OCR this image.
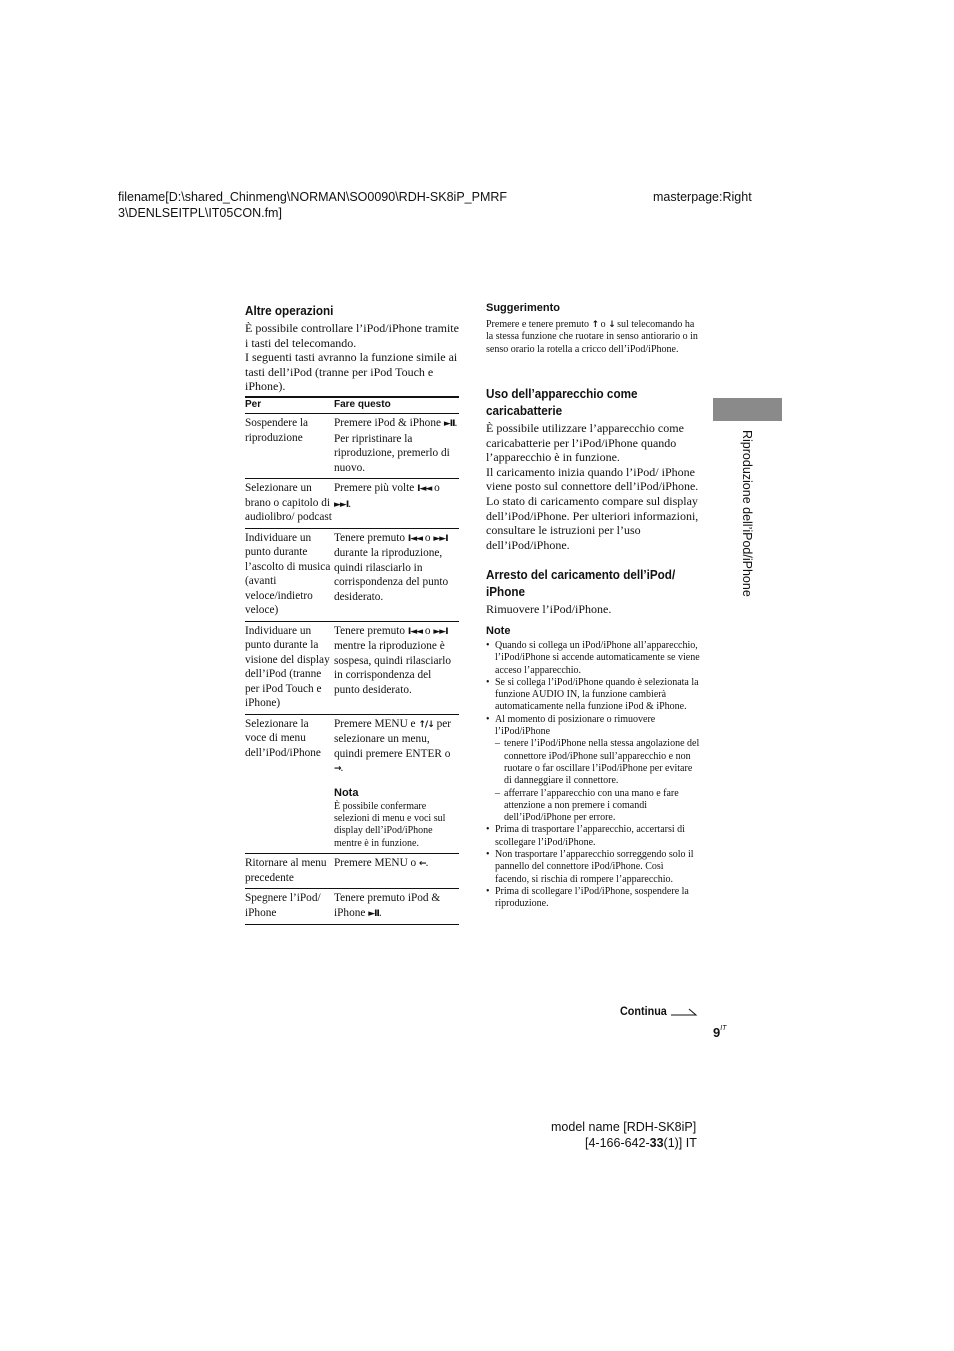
filename[D:\shared_Chinmeng\NORMAN\SO0090\RDH-SK8iP_PMRF
3\DENLSEITPL\IT05CON.fm]
masterpage:Right
Altre operazioni
È possibile controllare l’iPod/iPhone tramite i tasti del telecomando.
I seguenti tasti avranno la funzione simile ai tasti dell’iPod (tranne per iPod Touch e iPhone).
Per	Fare questo
Sospendere la riproduzione	Premere iPod & iPhone ►II. Per ripristinare la riproduzione, premerlo di nuovo.
Selezionare un brano o capitolo di audiolibro/ podcast	Premere più volte I◄◄ o ►►I.
Individuare un punto durante l’ascolto di musica (avanti veloce/indietro veloce)	Tenere premuto I◄◄ o ►►I durante la riproduzione, quindi rilasciarlo in corrispondenza del punto desiderato.
Individuare un punto durante la visione del display dell’iPod (tranne per iPod Touch e iPhone)	Tenere premuto I◄◄ o ►►I mentre la riproduzione è sospesa, quindi rilasciarlo in corrispondenza del punto desiderato.
Selezionare la voce di menu dell’iPod/iPhone	Premere MENU e ↑/↓ per selezionare un menu, quindi premere ENTER o →.
Nota
È possibile confermare selezioni di menu e voci sul display dell’iPod/iPhone mentre è in funzione.

Ritornare al menu precedente	Premere MENU o ←.
Spegnere l’iPod/ iPhone	Tenere premuto iPod & iPhone ►II.
Suggerimento
Premere e tenere premuto ↑ o ↓ sul telecomando ha la stessa funzione che ruotare in senso antiorario o in senso orario la rotella a cricco dell’iPod/iPhone.
Uso dell’apparecchio come
caricabatterie
È possibile utilizzare l’apparecchio come caricabatterie per l’iPod/iPhone quando l’apparecchio è in funzione.
Il caricamento inizia quando l’iPod/ iPhone viene posto sul connettore dell’iPod/iPhone. Lo stato di caricamento compare sul display dell’iPod/iPhone. Per ulteriori informazioni, consultare le istruzioni per l’uso dell’iPod/iPhone.
Arresto del caricamento dell’iPod/
iPhone
Rimuovere l’iPod/iPhone.
Note
• Quando si collega un iPod/iPhone all’apparecchio, l’iPod/iPhone si accende automaticamente se viene acceso l’apparecchio.
• Se si collega l’iPod/iPhone quando è selezionata la funzione AUDIO IN, la funzione cambierà automaticamente nella funzione iPod & iPhone.
• Al momento di posizionare o rimuovere l’iPod/iPhone
– tenere l’iPod/iPhone nella stessa angolazione del connettore iPod/iPhone sull’apparecchio e non ruotare o far oscillare l’iPod/iPhone per evitare di danneggiare il connettore.
– afferrare l’apparecchio con una mano e fare attenzione a non premere i comandi dell’iPod/iPhone per errore.
• Prima di trasportare l’apparecchio, accertarsi di scollegare l’iPod/iPhone.
• Non trasportare l’apparecchio sorreggendo solo il pannello del connettore iPod/iPhone. Così facendo, si rischia di rompere l’apparecchio.
• Prima di scollegare l’iPod/iPhone, sospendere la riproduzione.
Riproduzione dell’iPod/iPhone
Continua
$9^{IT}$
model name [RDH-SK8iP]
[4-166-642-33(1)] IT
